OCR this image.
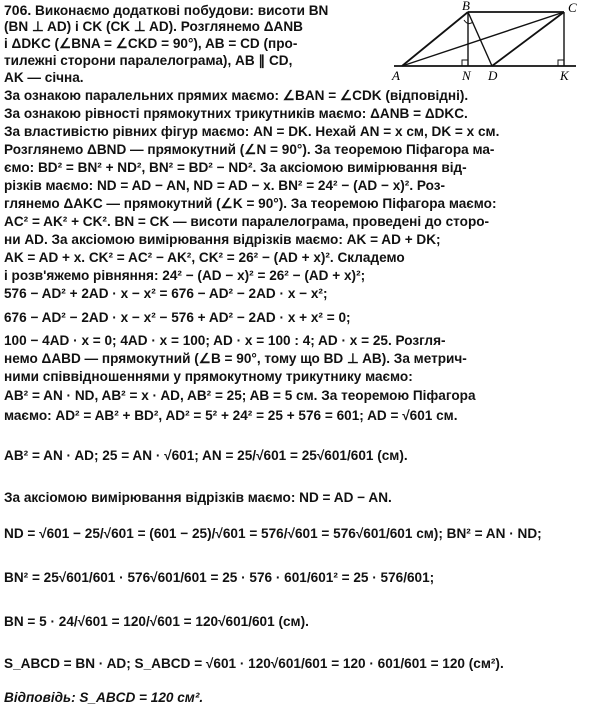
A
B	C
N D	K
706. Виконаємо додаткові побудови: висоти BN
(BN ⊥ AD) і CK (CK ⊥ AD). Розглянемо ΔANB
і ΔDKC (∠BNA = ∠CKD = 90°), AB = CD (про-
тилежні сторони паралелограма), AB ∥ CD,
AK — січна.
За ознакою паралельних прямих маємо: ∠BAN = ∠CDK (відповідні).
За ознакою рівності прямокутних трикутників маємо: ΔANB = ΔDKC.
За властивістю рівних фігур маємо: AN = DK. Нехай AN = x см, DK = x см.
Розглянемо ΔBND — прямокутний (∠N = 90°). За теоремою Піфагора ма-
ємо: BD² = BN² + ND², BN² = BD² − ND². За аксіомою вимірювання від-
різків маємо: ND = AD − AN, ND = AD − x. BN² = 24² − (AD − x)². Роз-
глянемо ΔAKC — прямокутний (∠K = 90°). За теоремою Піфагора маємо:
AC² = AK² + CK². BN = CK — висоти паралелограма, проведені до сторо-
ни AD. За аксіомою вимірювання відрізків маємо: AK = AD + DK;
AK = AD + x. CK² = AC² − AK², CK² = 26² − (AD + x)². Складемо
і розв'яжемо рівняння: 24² − (AD − x)² = 26² − (AD + x)²;
576 − AD² + 2AD · x − x² = 676 − AD² − 2AD · x − x²;
676 − AD² − 2AD · x − x² − 576 + AD² − 2AD · x + x² = 0;
100 − 4AD · x = 0; 4AD · x = 100; AD · x = 100 : 4; AD · x = 25. Розгля-
немо ΔABD — прямокутний (∠B = 90°, тому що BD ⊥ AB). За метрич-
ними співвідношеннями у прямокутному трикутнику маємо:
AB² = AN · ND, AB² = x · AD, AB² = 25; AB = 5 см. За теоремою Піфагора
маємо: AD² = AB² + BD², AD² = 5² + 24² = 25 + 576 = 601; AD = √601 см.
AB² = AN · AD; 25 = AN · √601; AN = 25/√601 = 25√601/601 (см).
За аксіомою вимірювання відрізків маємо: ND = AD − AN.
ND = √601 − 25/√601 = (601 − 25)/√601 = 576/√601 = 576√601/601 см); BN² = AN · ND;
BN² = 25√601/601 · 576√601/601 = 25 · 576 · 601/601² = 25 · 576/601;
BN = 5 · 24/√601 = 120/√601 = 120√601/601 (см).
S_ABCD = BN · AD; S_ABCD = √601 · 120√601/601 = 120 · 601/601 = 120 (см²).
Відповідь: S_ABCD = 120 см².
